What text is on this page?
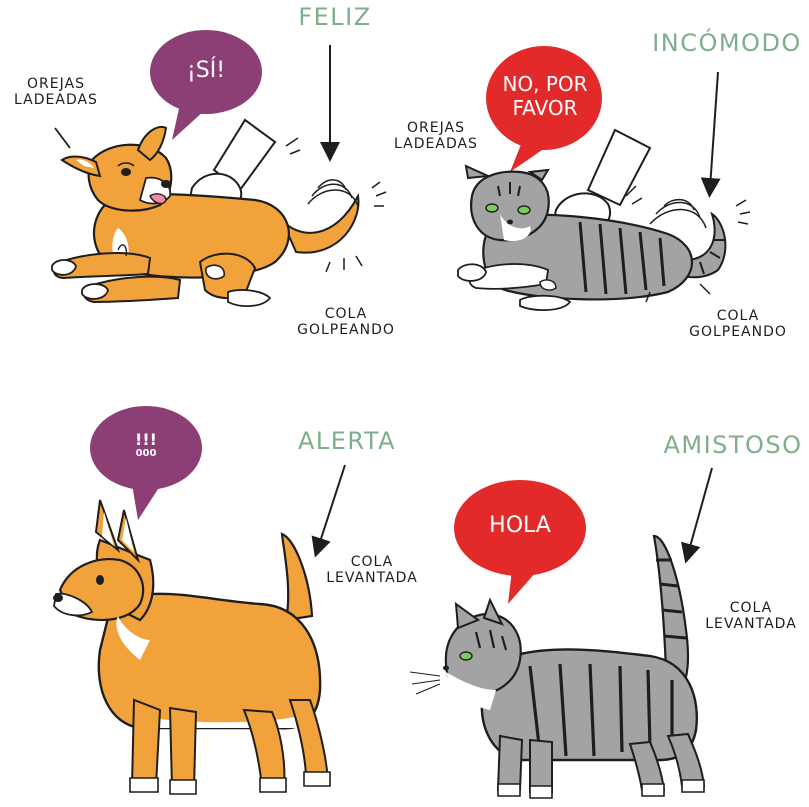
FELIZ
OREJAS
LADEADAS
¡SÍ!
COLA
GOLPEANDO
INCÓMODO
OREJAS
LADEADAS
NO, POR
FAVOR
COLA
GOLPEANDO
ALERTA
!!!
000
COLA
LEVANTADA
AMISTOSO
HOLA
COLA
LEVANTADA
